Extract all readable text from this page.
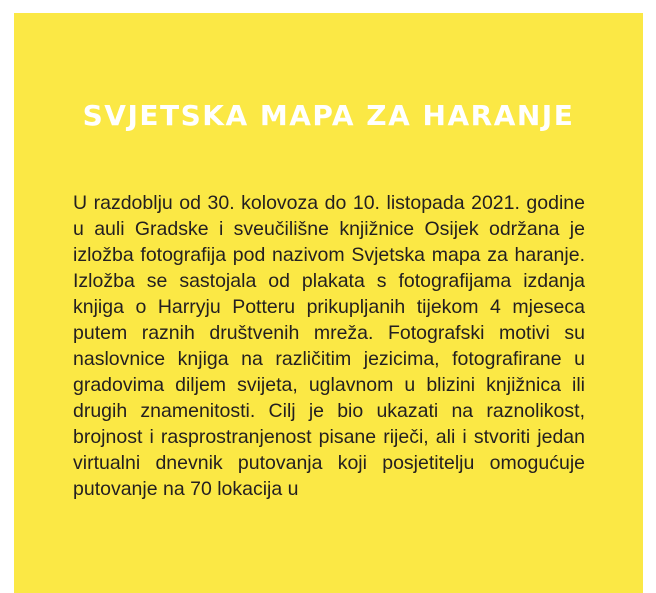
SVJETSKA MAPA ZA HARANJE

U razdoblju od 30. kolovoza do 10. listopada 2021. godine u auli Gradske i sveučilišne knjižnice Osijek održana je izložba fotografija pod nazivom Svjetska mapa za haranje. Izložba se sastojala od plakata s fotografijama izdanja knjiga o Harryju Potteru prikupljanih tijekom 4 mjeseca putem raznih društvenih mreža. Fotografski motivi su naslovnice knjiga na različitim jezicima, fotografirane u gradovima diljem svijeta, uglavnom u blizini knjižnica ili drugih znamenitosti. Cilj je bio ukazati na raznolikost, brojnost i rasprostranjenost pisane riječi, ali i stvoriti jedan virtualni dnevnik putovanja koji posjetitelju omogućuje putovanje na 70 lokacija u
